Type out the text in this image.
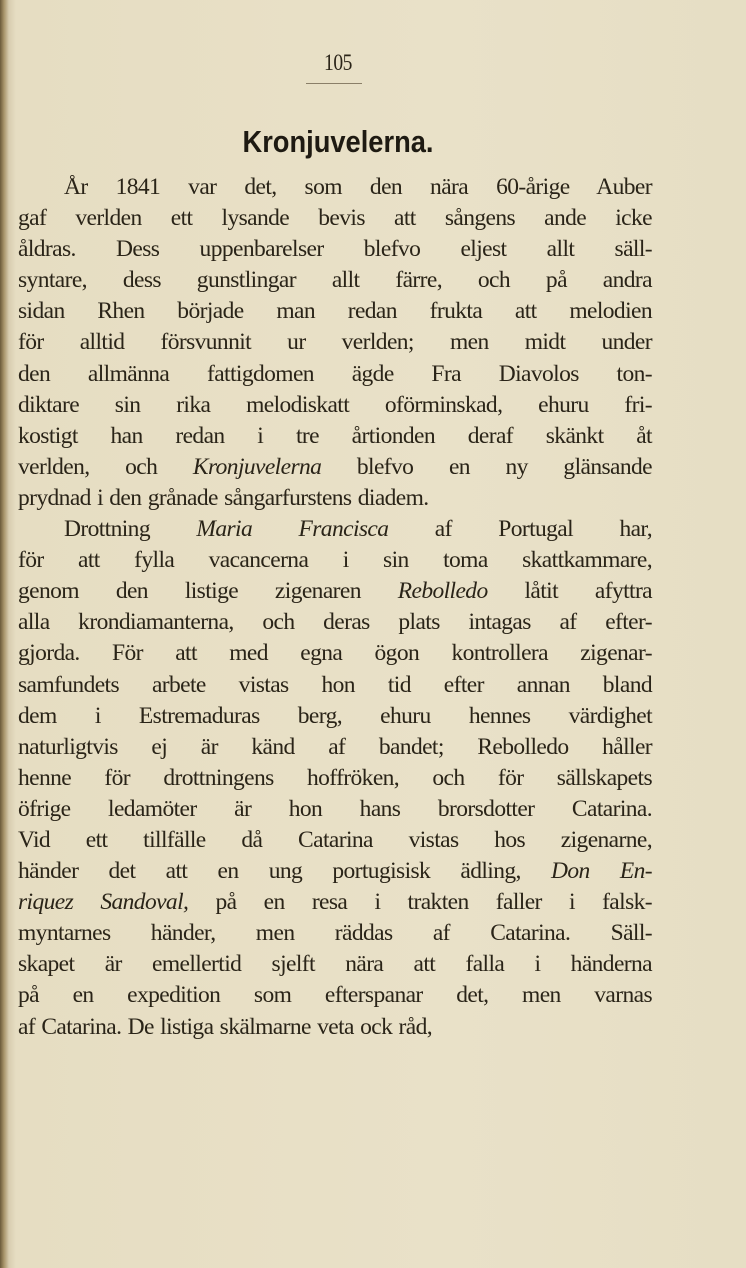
105
Kronjuvelerna.
År 1841 var det, som den nära 60-årige Auber
gaf verlden ett lysande bevis att sångens ande icke
åldras. Dess uppenbarelser blefvo eljest allt säll-
syntare, dess gunstlingar allt färre, och på andra
sidan Rhen började man redan frukta att melodien
för alltid försvunnit ur verlden; men midt under
den allmänna fattigdomen ägde Fra Diavolos ton-
diktare sin rika melodiskatt oförminskad, ehuru fri-
kostigt han redan i tre årtionden deraf skänkt åt
verlden, och Kronjuvelerna blefvo en ny glänsande
prydnad i den grånade sångarfurstens diadem.
Drottning Maria Francisca af Portugal har,
för att fylla vacancerna i sin toma skattkammare,
genom den listige zigenaren Rebolledo låtit afyttra
alla krondiamanterna, och deras plats intagas af efter-
gjorda. För att med egna ögon kontrollera zigenar-
samfundets arbete vistas hon tid efter annan bland
dem i Estremaduras berg, ehuru hennes värdighet
naturligtvis ej är känd af bandet; Rebolledo håller
henne för drottningens hoffröken, och för sällskapets
öfrige ledamöter är hon hans brorsdotter Catarina.
Vid ett tillfälle då Catarina vistas hos zigenarne,
händer det att en ung portugisisk ädling, Don En-
riquez Sandoval, på en resa i trakten faller i falsk-
myntarnes händer, men räddas af Catarina. Säll-
skapet är emellertid sjelft nära att falla i händerna
på en expedition som efterspanar det, men varnas
af Catarina. De listiga skälmarne veta ock råd,
